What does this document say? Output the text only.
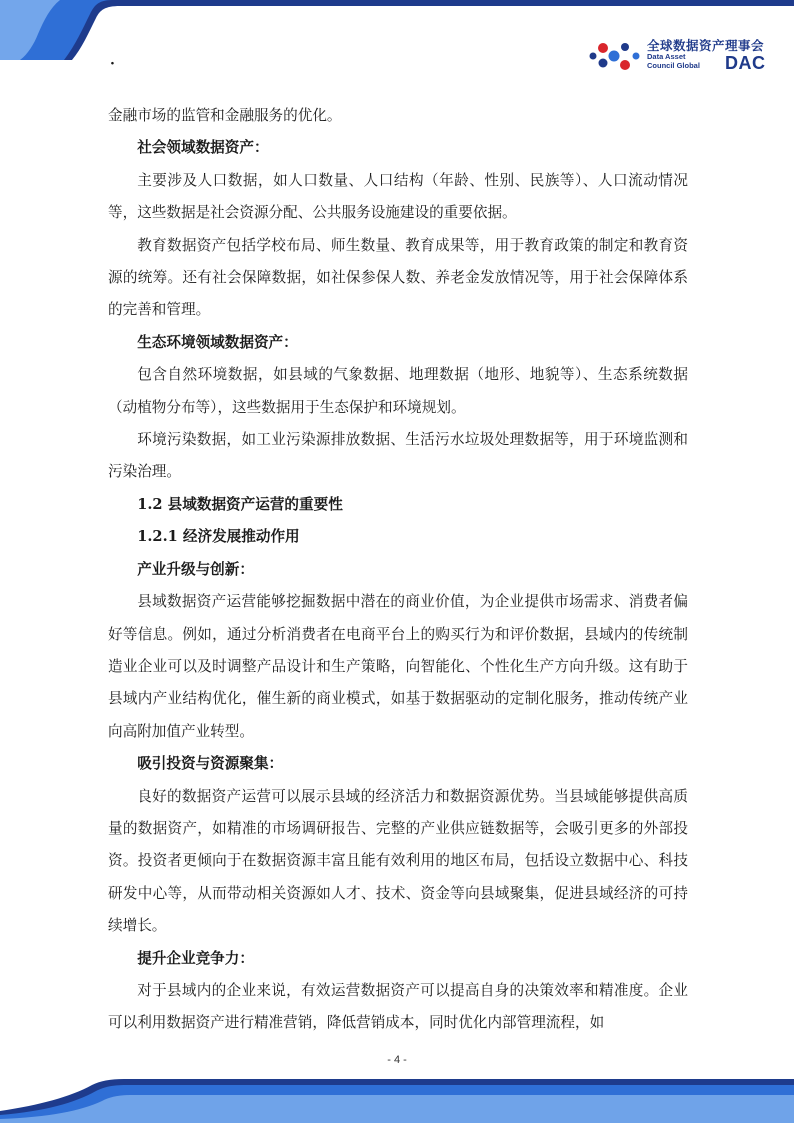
·
全球数据资产理事会
Data Asset
Council Global	DAC

金融市场的监管和金融服务的优化。

社会领域数据资产：

主要涉及人口数据，如人口数量、人口结构（年龄、性别、民族等）、人口流动情况等，这些数据是社会资源分配、公共服务设施建设的重要依据。

教育数据资产包括学校布局、师生数量、教育成果等，用于教育政策的制定和教育资源的统筹。还有社会保障数据，如社保参保人数、养老金发放情况等，用于社会保障体系的完善和管理。

生态环境领域数据资产：

包含自然环境数据，如县域的气象数据、地理数据（地形、地貌等）、生态系统数据（动植物分布等），这些数据用于生态保护和环境规划。

环境污染数据，如工业污染源排放数据、生活污水垃圾处理数据等，用于环境监测和污染治理。

1.2 县域数据资产运营的重要性

1.2.1 经济发展推动作用

产业升级与创新：

县域数据资产运营能够挖掘数据中潜在的商业价值，为企业提供市场需求、消费者偏好等信息。例如，通过分析消费者在电商平台上的购买行为和评价数据，县域内的传统制造业企业可以及时调整产品设计和生产策略，向智能化、个性化生产方向升级。这有助于县域内产业结构优化，催生新的商业模式，如基于数据驱动的定制化服务，推动传统产业向高附加值产业转型。

吸引投资与资源聚集：

良好的数据资产运营可以展示县域的经济活力和数据资源优势。当县域能够提供高质量的数据资产，如精准的市场调研报告、完整的产业供应链数据等，会吸引更多的外部投资。投资者更倾向于在数据资源丰富且能有效利用的地区布局，包括设立数据中心、科技研发中心等，从而带动相关资源如人才、技术、资金等向县域聚集，促进县域经济的可持续增长。

提升企业竞争力：

对于县域内的企业来说，有效运营数据资产可以提高自身的决策效率和精准度。企业可以利用数据资产进行精准营销，降低营销成本，同时优化内部管理流程，如

- 4 -
